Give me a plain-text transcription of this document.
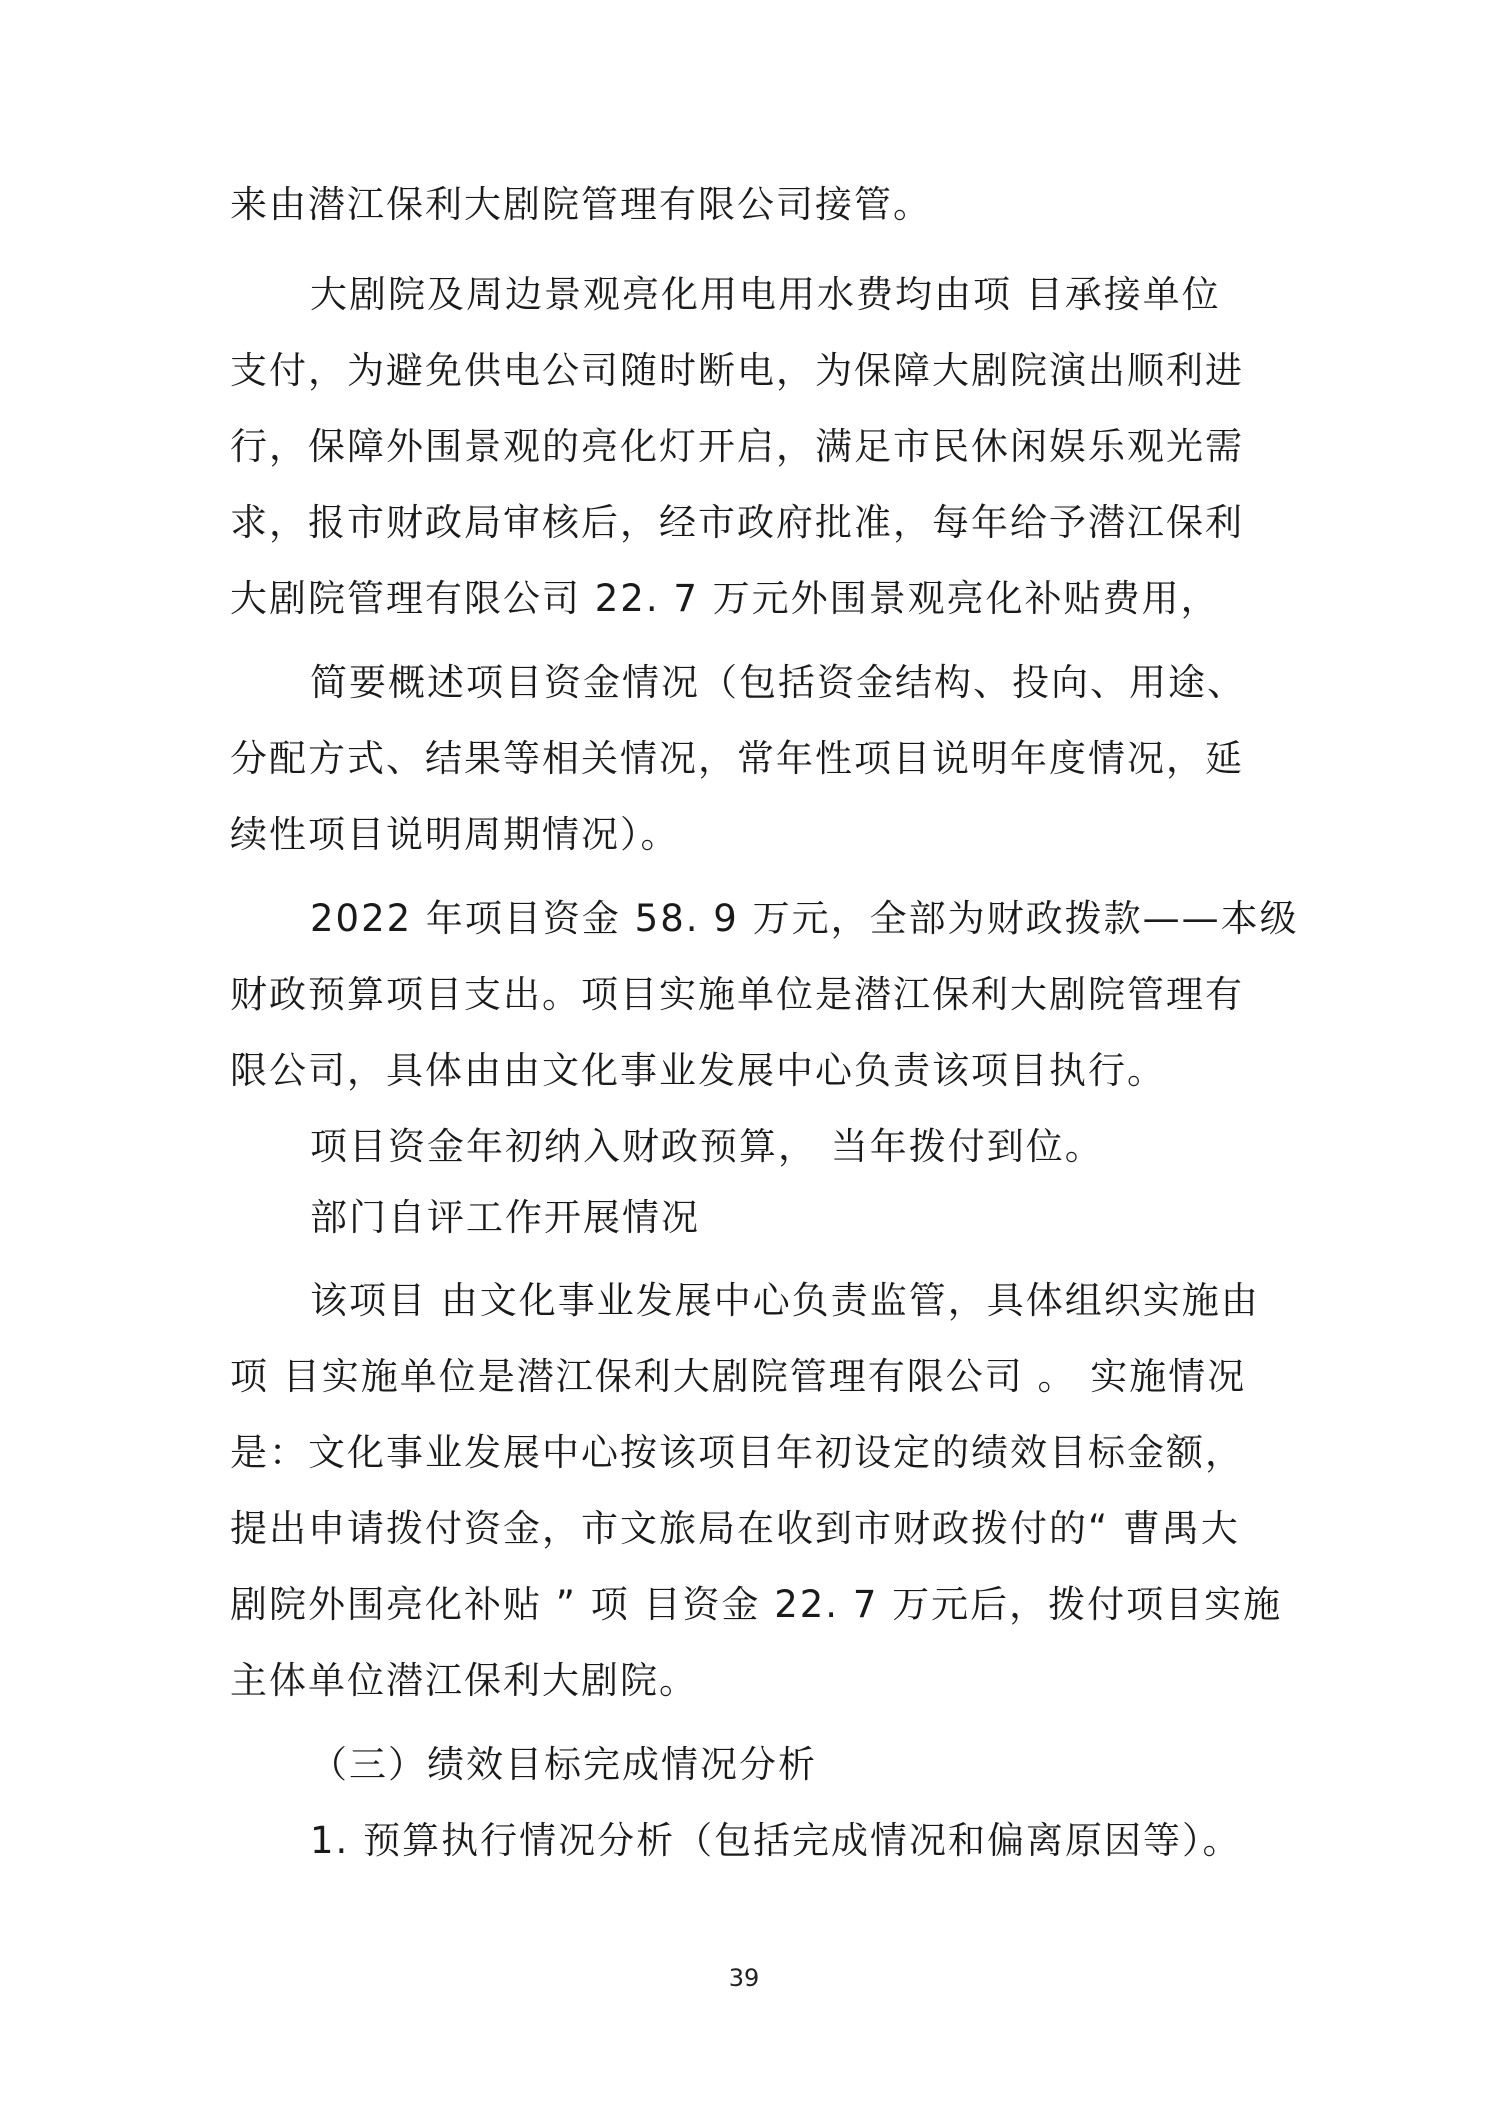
来由潜江保利大剧院管理有限公司接管。
大剧院及周边景观亮化用电用水费均由项 目承接单位
支付，为避免供电公司随时断电，为保障大剧院演出顺利进
行，保障外围景观的亮化灯开启，满足市民休闲娱乐观光需
求，报市财政局审核后，经市政府批准，每年给予潜江保利
大剧院管理有限公司 22. 7 万元外围景观亮化补贴费用，
简要概述项目资金情况（包括资金结构、投向、用途、
分配方式、结果等相关情况，常年性项目说明年度情况，延
续性项目说明周期情况）。
2022 年项目资金 58. 9 万元，全部为财政拨款——本级
财政预算项目支出。项目实施单位是潜江保利大剧院管理有
限公司，具体由由文化事业发展中心负责该项目执行。
项目资金年初纳入财政预算， 当年拨付到位。
部门自评工作开展情况
该项目 由文化事业发展中心负责监管，具体组织实施由
项 目实施单位是潜江保利大剧院管理有限公司 。 实施情况
是：文化事业发展中心按该项目年初设定的绩效目标金额，
提出申请拨付资金，市文旅局在收到市财政拨付的“ 曹禺大
剧院外围亮化补贴 ” 项 目资金 22. 7 万元后，拨付项目实施
主体单位潜江保利大剧院。
（三）绩效目标完成情况分析
1. 预算执行情况分析（包括完成情况和偏离原因等）。
39
